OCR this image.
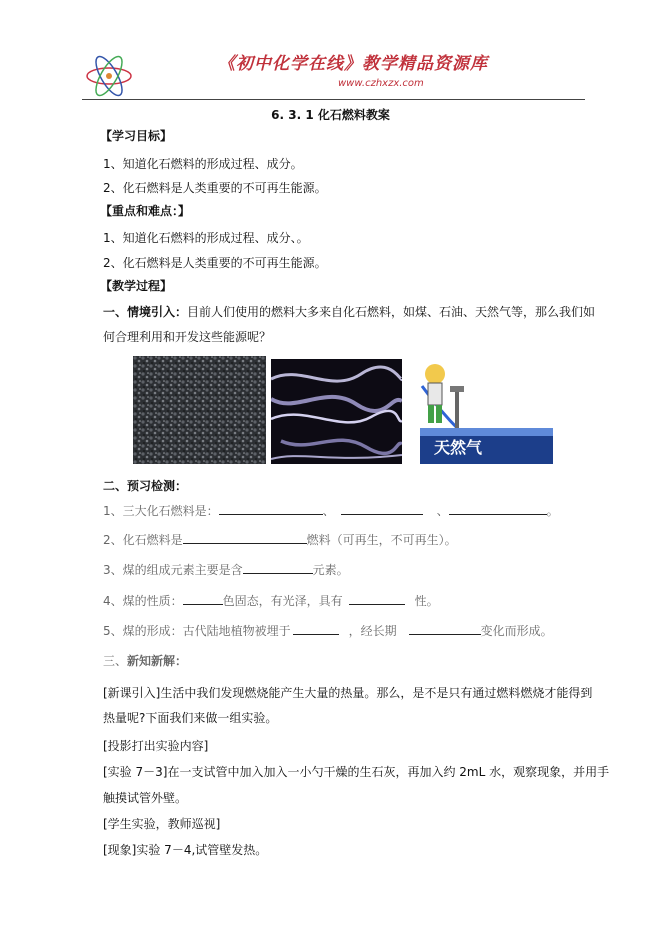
《初中化学在线》教学精品资源库
www.czhxzx.com
6. 3. 1 化石燃料教案
【学习目标】
1、知道化石燃料的形成过程、成分。
2、化石燃料是人类重要的不可再生能源。
【重点和难点：】
1、知道化石燃料的形成过程、成分、。
2、化石燃料是人类重要的不可再生能源。
【教学过程】
一、情境引入：目前人们使用的燃料大多来自化石燃料，如煤、石油、天然气等，那么我们如
何合理利用和开发这些能源呢？
天然气
二、预习检测：
1、三大化石燃料是：	、	、	。
2、化石燃料是	燃料（可再生，不可再生）。
3、煤的组成元素主要是含	元素。
4、煤的性质：	色固态，有光泽，具有	性。
5、煤的形成：古代陆地植物被埋于	，经长期	变化而形成。
三、新知新解：
[新课引入]生活中我们发现燃烧能产生大量的热量。那么，是不是只有通过燃料燃烧才能得到
热量呢?下面我们来做一组实验。
[投影打出实验内容]
[实验 7－3]在一支试管中加入加入一小勺干燥的生石灰，再加入约 2mL 水，观察现象，并用手
触摸试管外壁。
[学生实验，教师巡视]
[现象]实验 7－4,试管壁发热。
